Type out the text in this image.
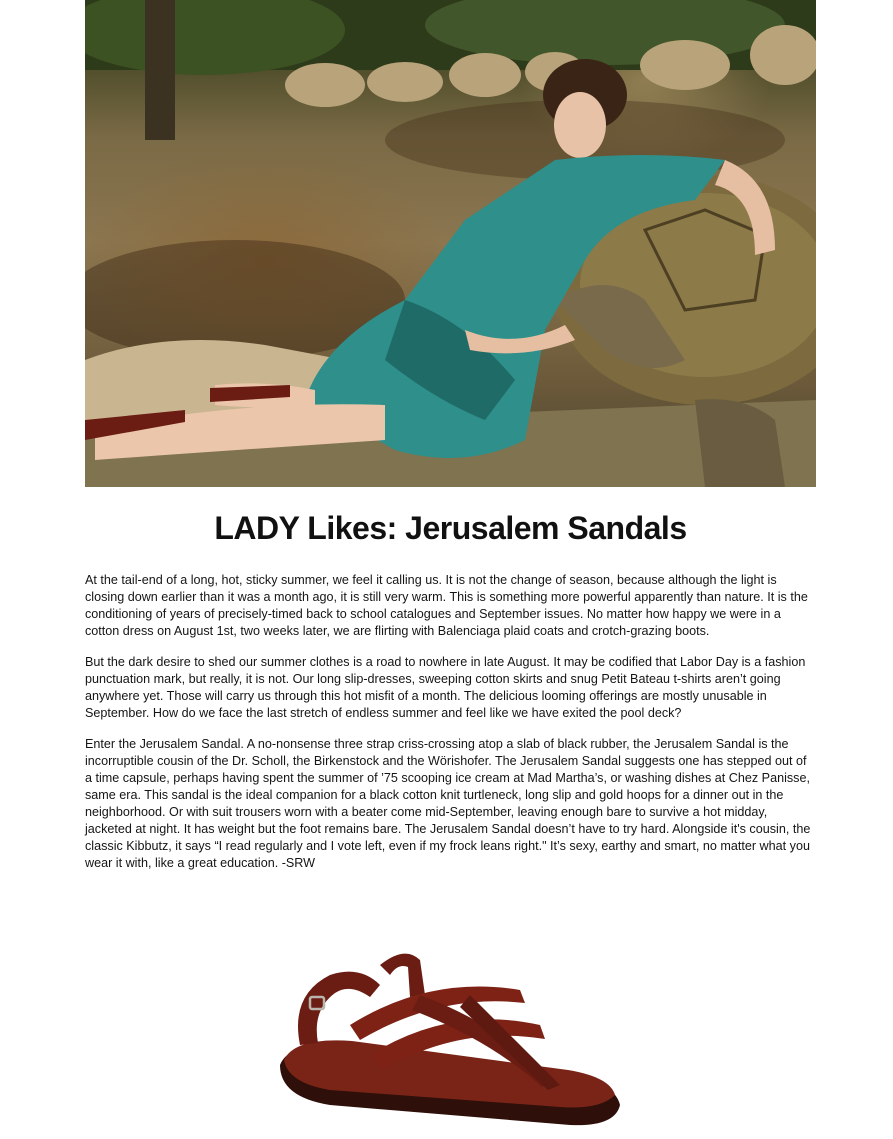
LADY Likes: Jerusalem Sandals

At the tail-end of a long, hot, sticky summer, we feel it calling us. It is not the change of season, because although the light is closing down earlier than it was a month ago, it is still very warm. This is something more powerful apparently than nature. It is the conditioning of years of precisely-timed back to school catalogues and September issues. No matter how happy we were in a cotton dress on August 1st, two weeks later, we are flirting with Balenciaga plaid coats and crotch-grazing boots.

But the dark desire to shed our summer clothes is a road to nowhere in late August. It may be codified that Labor Day is a fashion punctuation mark, but really, it is not. Our long slip-dresses, sweeping cotton skirts and snug Petit Bateau t-shirts aren’t going anywhere yet. Those will carry us through this hot misfit of a month. The delicious looming offerings are mostly unusable in September. How do we face the last stretch of endless summer and feel like we have exited the pool deck?

Enter the Jerusalem Sandal. A no-nonsense three strap criss-crossing atop a slab of black rubber, the Jerusalem Sandal is the incorruptible cousin of the Dr. Scholl, the Birkenstock and the Wörishofer. The Jerusalem Sandal suggests one has stepped out of a time capsule, perhaps having spent the summer of ’75 scooping ice cream at Mad Martha’s, or washing dishes at Chez Panisse, same era. This sandal is the ideal companion for a black cotton knit turtleneck, long slip and gold hoops for a dinner out in the neighborhood. Or with suit trousers worn with a beater come mid-September, leaving enough bare to survive a hot midday, jacketed at night. It has weight but the foot remains bare. The Jerusalem Sandal doesn’t have to try hard. Alongside it's cousin, the classic Kibbutz, it says “I read regularly and I vote left, even if my frock leans right." It’s sexy, earthy and smart, no matter what you wear it with, like a great education. -SRW
